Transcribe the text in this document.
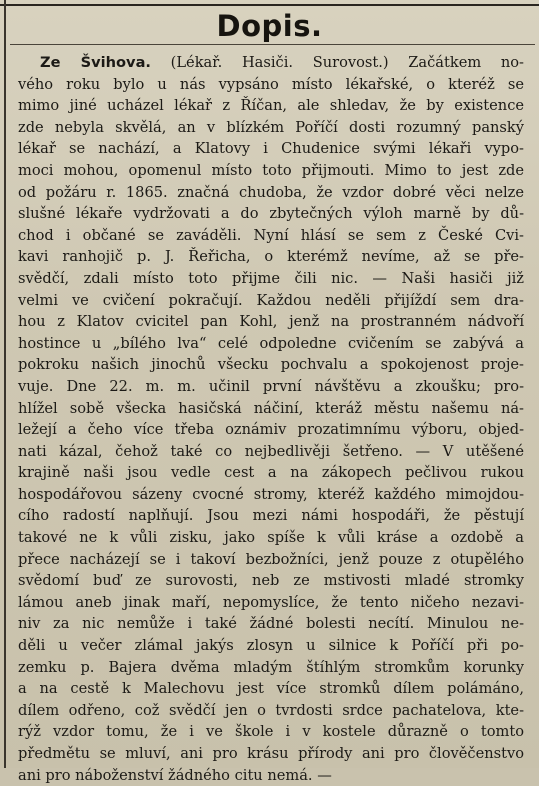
Dopis.
Ze Švihova. (Lékař. Hasiči. Surovost.) Začátkem no-
vého roku bylo u nás vypsáno místo lékařské, o kteréž se
mimo jiné ucházel lékař z Říčan, ale shledav, že by existence
zde nebyla skvělá, an v blízkém Poříčí dosti rozumný panský
lékař se nachází, a Klatovy i Chudenice svými lékaři vypo-
moci mohou, opomenul místo toto přijmouti. Mimo to jest zde
od požáru r. 1865. značná chudoba, že vzdor dobré věci nelze
slušné lékaře vydržovati a do zbytečných výloh marně by dů-
chod i občané se zaváděli. Nyní hlásí se sem z České Cvi-
kavi ranhojič p. J. Řeřicha, o kterémž nevíme, až se pře-
svědčí, zdali místo toto přijme čili nic. — Naši hasiči již
velmi ve cvičení pokračují. Každou neděli přijíždí sem dra-
hou z Klatov cvicitel pan Kohl, jenž na prostranném nádvoří
hostince u „bílého lva“ celé odpoledne cvičením se zabývá a
pokroku našich jinochů všecku pochvalu a spokojenost proje-
vuje. Dne 22. m. m. učinil první návštěvu a zkoušku; pro-
hlížel sobě všecka hasičská náčiní, kteráž městu našemu ná-
ležejí a čeho více třeba oznámiv prozatimnímu výboru, objed-
nati kázal, čehož také co nejbedlivěji šetřeno. — V utěšené
krajině naši jsou vedle cest a na zákopech pečlivou rukou
hospodářovou sázeny cvocné stromy, kteréž každého mimojdou-
cího radostí naplňují. Jsou mezi námi hospodáři, že pěstují
takové ne k vůli zisku, jako spíše k vůli kráse a ozdobě a
přece nacházejí se i takoví bezbožníci, jenž pouze z otupělého
svědomí buď ze surovosti, neb ze mstivosti mladé stromky
lámou aneb jinak maří, nepomyslíce, že tento ničeho nezavi-
niv za nic nemůže i také žádné bolesti necítí. Minulou ne-
děli u večer zlámal jakýs zlosyn u silnice k Poříčí při po-
zemku p. Bajera dvěma mladým štíhlým stromkům korunky
a na cestě k Malechovu jest více stromků dílem polámáno,
dílem odřeno, což svědčí jen o tvrdosti srdce pachatelova, kte-
rýž vzdor tomu, že i ve škole i v kostele důrazně o tomto
předmětu se mluví, ani pro krásu přírody ani pro člověčenstvo
ani pro náboženství žádného citu nemá. —
